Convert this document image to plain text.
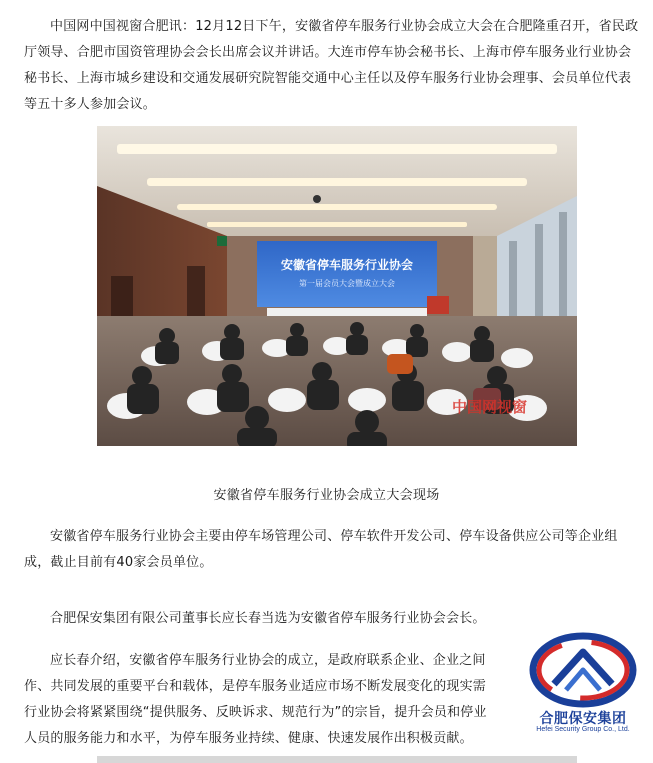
中国网中国视窗合肥讯：12月12日下午，安徽省停车服务行业协会成立大会在合肥隆重召开，省民政厅领导、合肥市国资管理协会会长出席会议并讲话。大连市停车协会秘书长、上海市停车服务业行业协会秘书长、上海市城乡建设和交通发展研究院智能交通中心主任以及停车服务行业协会理事、会员单位代表等五十多人参加会议。

安徽省停车服务行业协会
第一届会员大会暨成立大会
中国网视窗

安徽省停车服务行业协会成立大会现场

安徽省停车服务行业协会主要由停车场管理公司、停车软件开发公司、停车设备供应公司等企业组成，截止目前有40家会员单位。

合肥保安集团有限公司董事长应长春当选为安徽省停车服务行业协会会长。

应长春介绍，安徽省停车服务行业协会的成立，是政府联系企业、企业之间作、共同发展的重要平台和载体，是停车服务业适应市场不断发展变化的现实需行业协会将紧紧围绕“提供服务、反映诉求、规范行为”的宗旨，提升会员和停业人员的服务能力和水平，为停车服务业持续、健康、快速发展作出积极贡献。

合肥保安集团
Hefei Security Group Co., Ltd.
